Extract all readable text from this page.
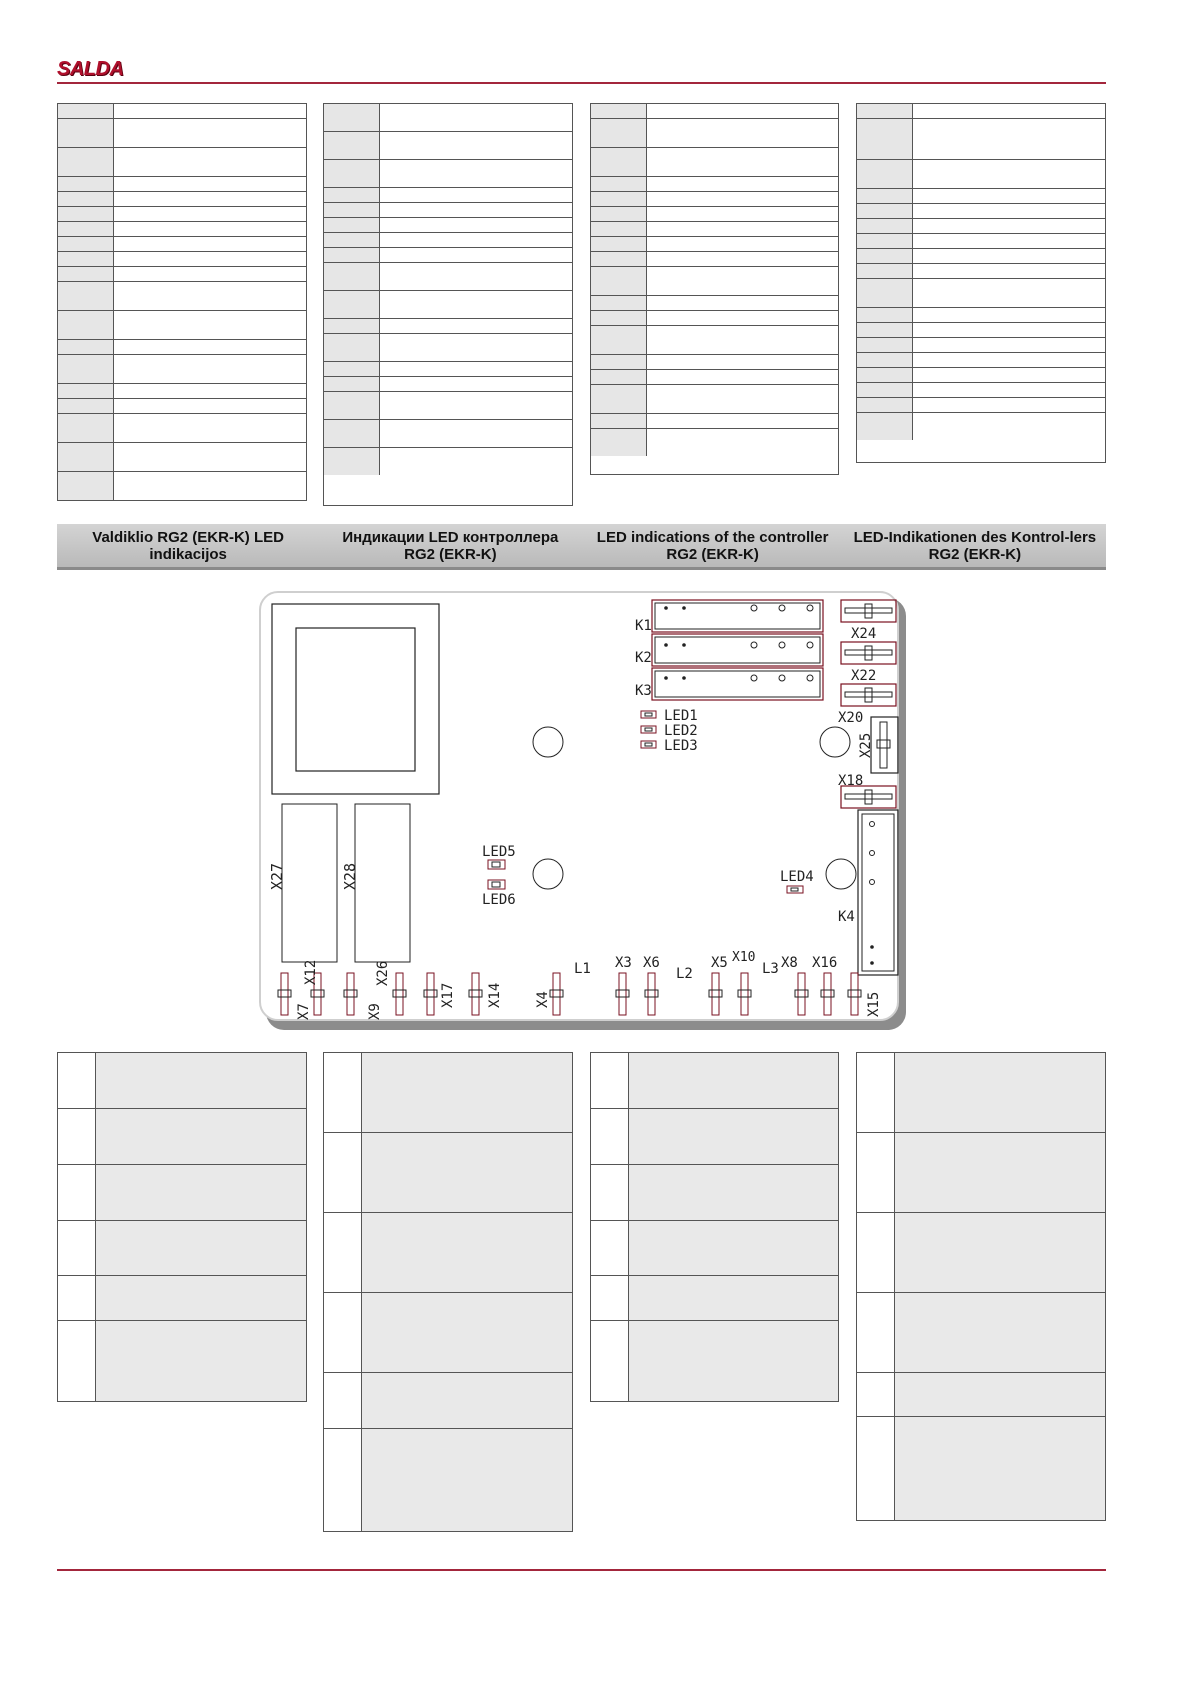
SALDA
Valdiklio RG2 (EKR-K) LED indikacijos
Индикации LED контроллера RG2 (EKR-K)
LED indications of the controller RG2 (EKR-K)
LED-Indikationen des Kontrol-lers RG2 (EKR-K)
X27	X28
K1
K2
K3
LED1
LED2
LED3
LED5
LED6
LED4
X24
X22
X20
X25
X18
K4
X7
X12
X9
X26
X17 X14 X4	X15
L1 X3 X6
L2
X5 X10
L3 X8 X16
